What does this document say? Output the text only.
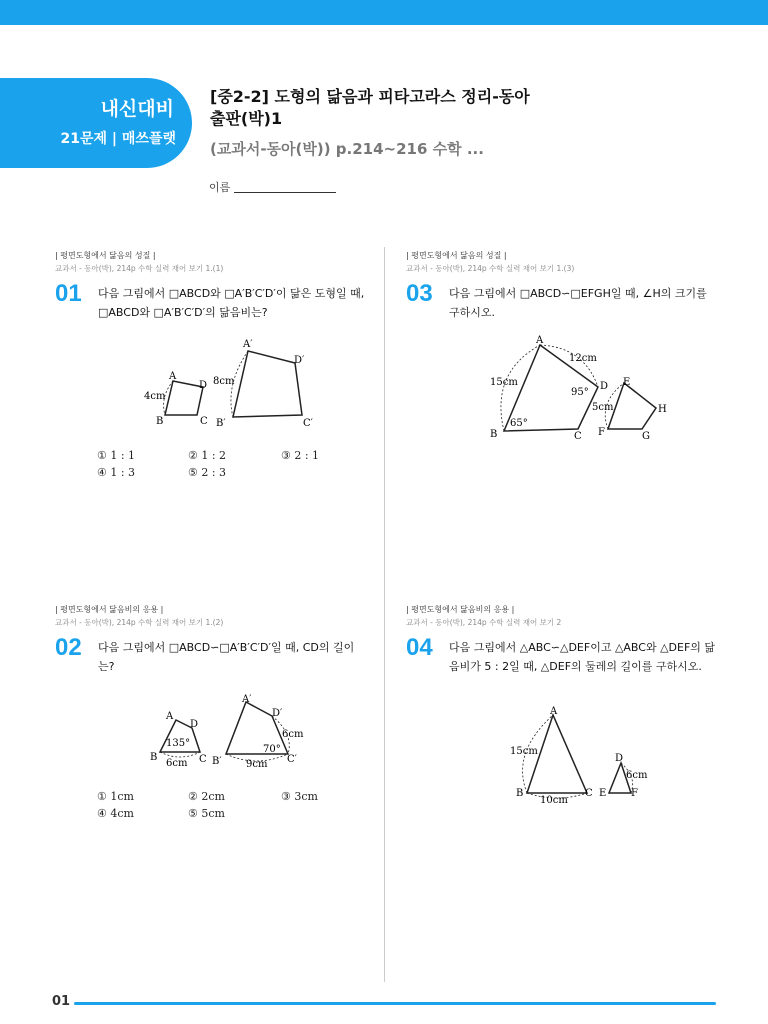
내신대비
21문제 | 매쓰플랫
[중2-2] 도형의 닮음과 피타고라스 정리-동아출판(박)1
(교과서-동아(박)) p.214~216 수학 ...
이름
| 평면도형에서 닮음의 성질 |
교과서 - 동아(박), 214p 수학 실력 재어 보기 1.(1)
01 다음 그림에서 □ABCD와 □A′B′C′D′이 닮은 도형일 때, □ABCD와 □A′B′C′D′의 닮음비는?
A
B	C
D
4cm
A′
B′	C′
D′
8cm
① 1 : 1	② 1 : 2	③ 2 : 1
④ 1 : 3	⑤ 2 : 3
| 평면도형에서 닮음의 성질 |
교과서 - 동아(박), 214p 수학 실력 재어 보기 1.(3)
03 다음 그림에서 □ABCD∽□EFGH일 때, ∠H의 크기를 구하시오.
A
B	C
D
12cm
15cm
95°
65°
E
F	G
H
5cm
| 평면도형에서 닮음비의 응용 |
교과서 - 동아(박), 214p 수학 실력 재어 보기 1.(2)
02 다음 그림에서 □ABCD∽□A′B′C′D′일 때, CD의 길이는?
A
B	C
D
135°
6cm
A′
B′	C′
D′
70°
6cm
9cm
① 1cm	② 2cm	③ 3cm
④ 4cm	⑤ 5cm
| 평면도형에서 닮음비의 응용 |
교과서 - 동아(박), 214p 수학 실력 재어 보기 2
04 다음 그림에서 △ABC∽△DEF이고 △ABC와 △DEF의 닮음비가 5 : 2일 때, △DEF의 둘레의 길이를 구하시오.
A
B	C
15cm
10cm
D
E F
6cm
01
